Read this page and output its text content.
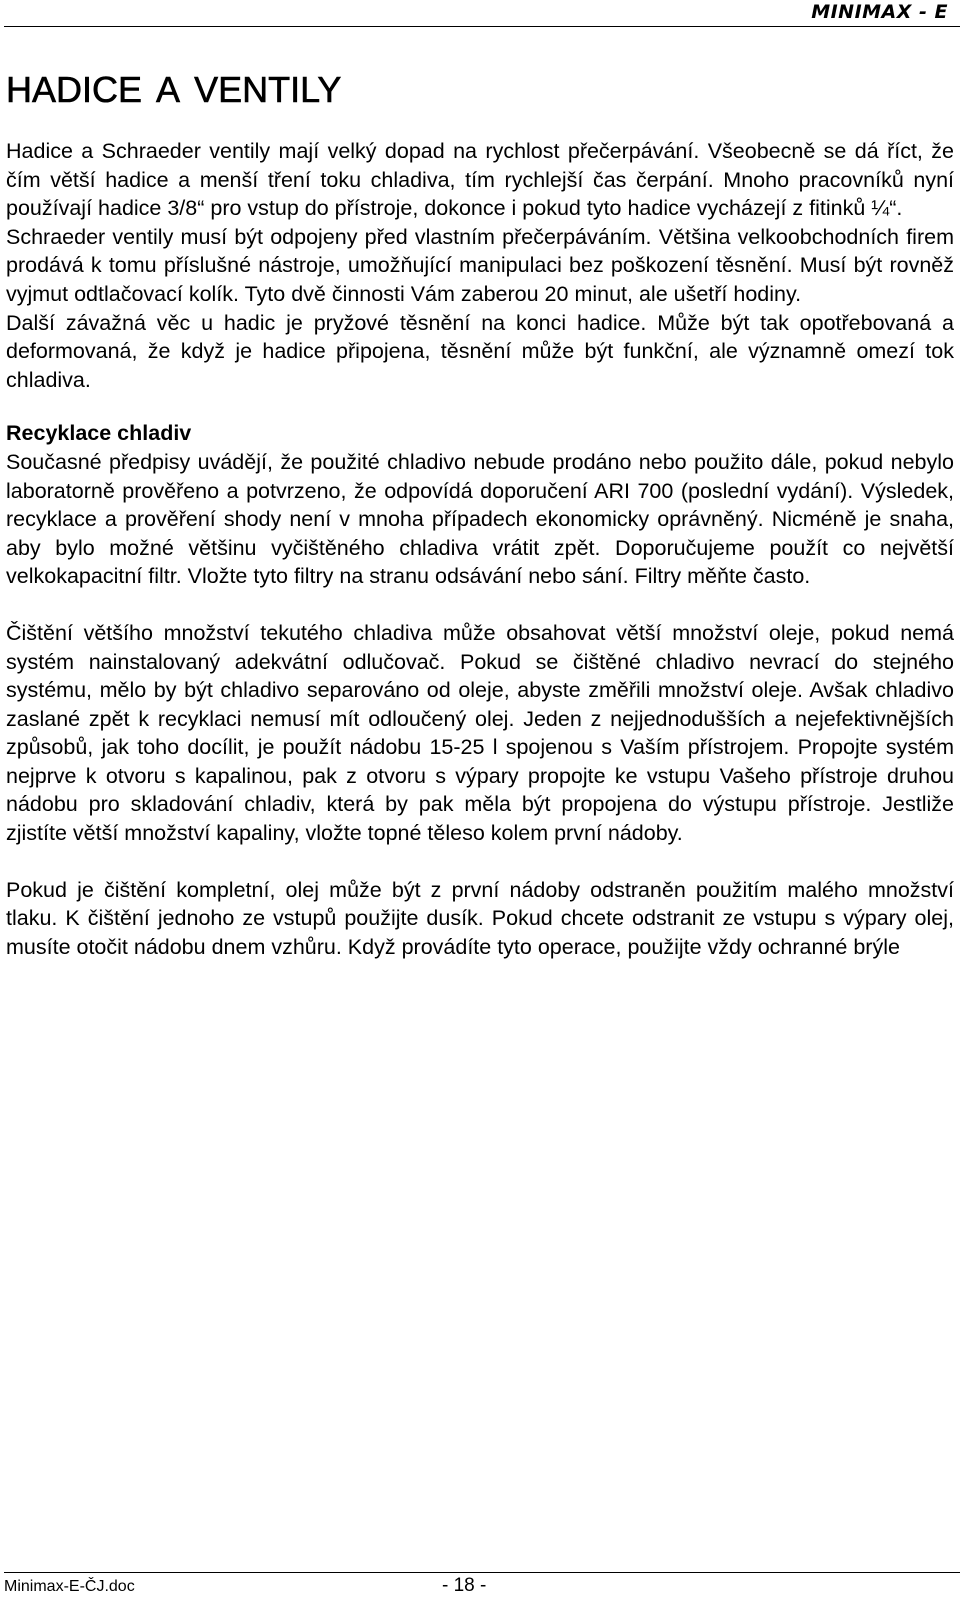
MINIMAX - E
HADICE A VENTILY

Hadice a Schraeder ventily mají velký dopad na rychlost přečerpávání. Všeobecně se dá říct, že čím větší hadice a menší tření toku chladiva, tím rychlejší čas čerpání. Mnoho pracovníků nyní používají hadice 3/8“ pro vstup do přístroje, dokonce i pokud tyto hadice vycházejí z fitinků ¼“.

Schraeder ventily musí být odpojeny před vlastním přečerpáváním. Většina velkoobchodních firem prodává k tomu příslušné nástroje, umožňující manipulaci bez poškození těsnění. Musí být rovněž vyjmut odtlačovací kolík. Tyto dvě činnosti Vám zaberou 20 minut, ale ušetří hodiny.

Další závažná věc u hadic je pryžové těsnění na konci hadice. Může být tak opotřebovaná a deformovaná, že když je hadice připojena, těsnění může být funkční, ale významně omezí tok chladiva.

Recyklace chladiv

Současné předpisy uvádějí, že použité chladivo nebude prodáno nebo použito dále, pokud nebylo laboratorně prověřeno a potvrzeno, že odpovídá doporučení ARI 700 (poslední vydání). Výsledek, recyklace a prověření shody není v mnoha případech ekonomicky oprávněný. Nicméně je snaha, aby bylo možné většinu vyčištěného chladiva vrátit zpět. Doporučujeme použít co největší velkokapacitní filtr. Vložte tyto filtry na stranu odsávání nebo sání. Filtry měňte často.

Čištění většího množství tekutého chladiva může obsahovat větší množství oleje, pokud nemá systém nainstalovaný adekvátní odlučovač. Pokud se čištěné chladivo nevrací do stejného systému, mělo by být chladivo separováno od oleje, abyste změřili množství oleje. Avšak chladivo zaslané zpět k recyklaci nemusí mít odloučený olej. Jeden z nejjednodušších a nejefektivnějších způsobů, jak toho docílit, je použít nádobu 15-25 l spojenou s Vaším přístrojem. Propojte systém nejprve k otvoru s kapalinou, pak z otvoru s výpary propojte ke vstupu Vašeho přístroje druhou nádobu pro skladování chladiv, která by pak měla být propojena do výstupu přístroje. Jestliže zjistíte větší množství kapaliny, vložte topné těleso kolem první nádoby.

Pokud je čištění kompletní, olej může být z první nádoby odstraněn použitím malého množství tlaku. K čištění jednoho ze vstupů použijte dusík. Pokud chcete odstranit ze vstupu s výpary olej, musíte otočit nádobu dnem vzhůru. Když provádíte tyto operace, použijte vždy ochranné brýle

Minimax-E-ČJ.doc	- 18 -
